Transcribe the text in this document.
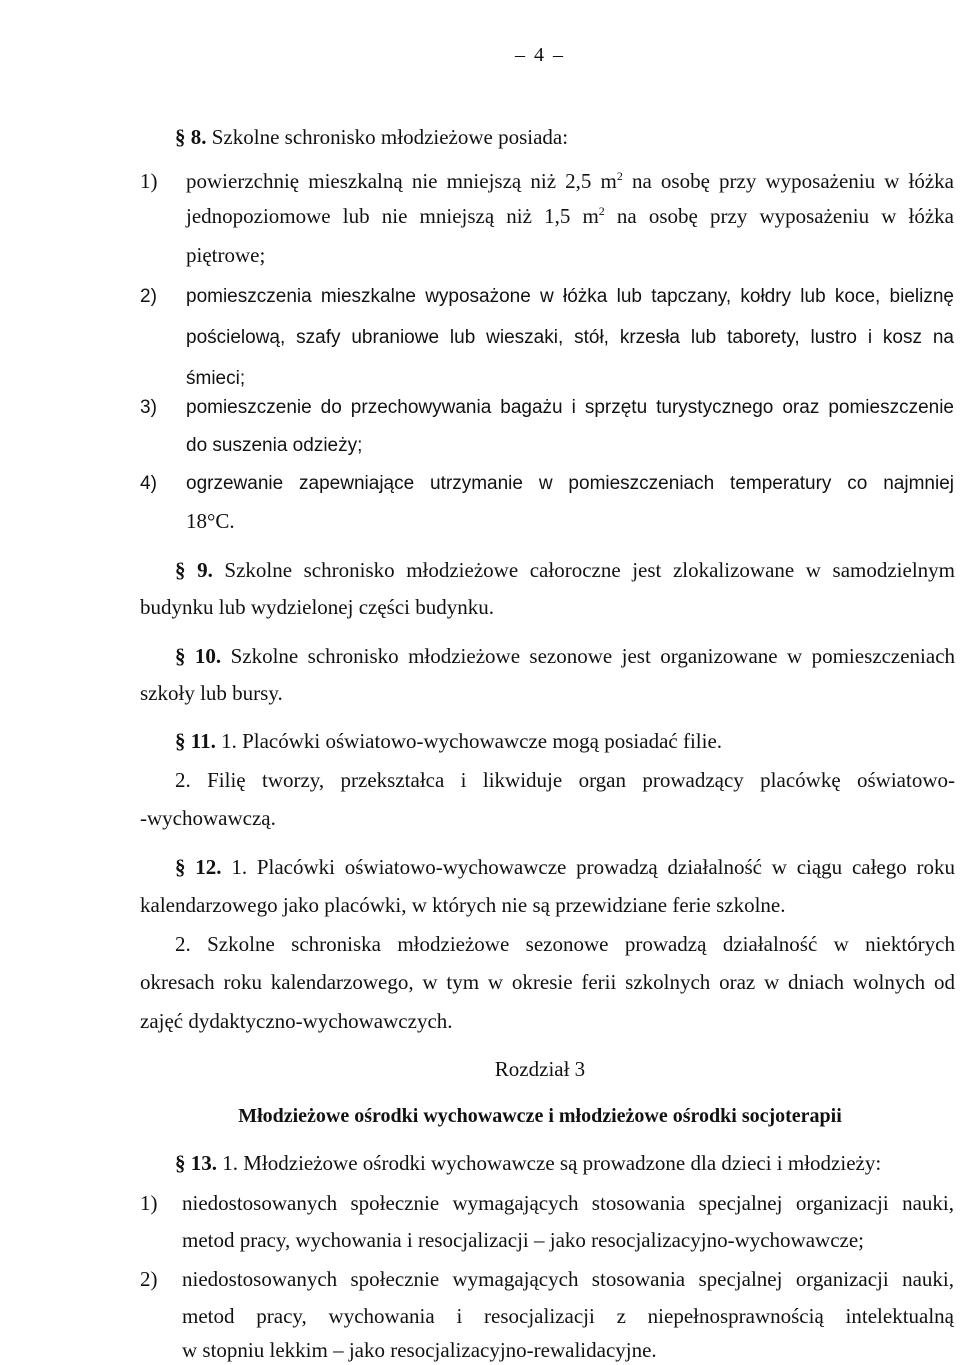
– 4 –
§ 8. Szkolne schronisko młodzieżowe posiada:
1) powierzchnię mieszkalną nie mniejszą niż 2,5 $m^2$ na osobę przy wyposażeniu w łóżka
jednopoziomowe lub nie mniejszą niż 1,5 $m^2$ na osobę przy wyposażeniu w łóżka
piętrowe;
2) pomieszczenia mieszkalne wyposażone w łóżka lub tapczany, kołdry lub koce, bieliznę
pościelową, szafy ubraniowe lub wieszaki, stół, krzesła lub taborety, lustro i kosz na
śmieci;
3) pomieszczenie do przechowywania bagażu i sprzętu turystycznego oraz pomieszczenie
do suszenia odzieży;
4) ogrzewanie zapewniające utrzymanie w pomieszczeniach temperatury co najmniej
18°C.
§ 9. Szkolne schronisko młodzieżowe całoroczne jest zlokalizowane w samodzielnym
budynku lub wydzielonej części budynku.
§ 10. Szkolne schronisko młodzieżowe sezonowe jest organizowane w pomieszczeniach
szkoły lub bursy.
§ 11. 1. Placówki oświatowo-wychowawcze mogą posiadać filie.
2. Filię tworzy, przekształca i likwiduje organ prowadzący placówkę oświatowo-
-wychowawczą.
§ 12. 1. Placówki oświatowo-wychowawcze prowadzą działalność w ciągu całego roku
kalendarzowego jako placówki, w których nie są przewidziane ferie szkolne.
2. Szkolne schroniska młodzieżowe sezonowe prowadzą działalność w niektórych
okresach roku kalendarzowego, w tym w okresie ferii szkolnych oraz w dniach wolnych od
zajęć dydaktyczno-wychowawczych.
Rozdział 3
Młodzieżowe ośrodki wychowawcze i młodzieżowe ośrodki socjoterapii
§ 13. 1. Młodzieżowe ośrodki wychowawcze są prowadzone dla dzieci i młodzieży:
1) niedostosowanych społecznie wymagających stosowania specjalnej organizacji nauki,
metod pracy, wychowania i resocjalizacji – jako resocjalizacyjno-wychowawcze;
2) niedostosowanych społecznie wymagających stosowania specjalnej organizacji nauki,
metod pracy, wychowania i resocjalizacji z niepełnosprawnością intelektualną
w stopniu lekkim – jako resocjalizacyjno-rewalidacyjne.
